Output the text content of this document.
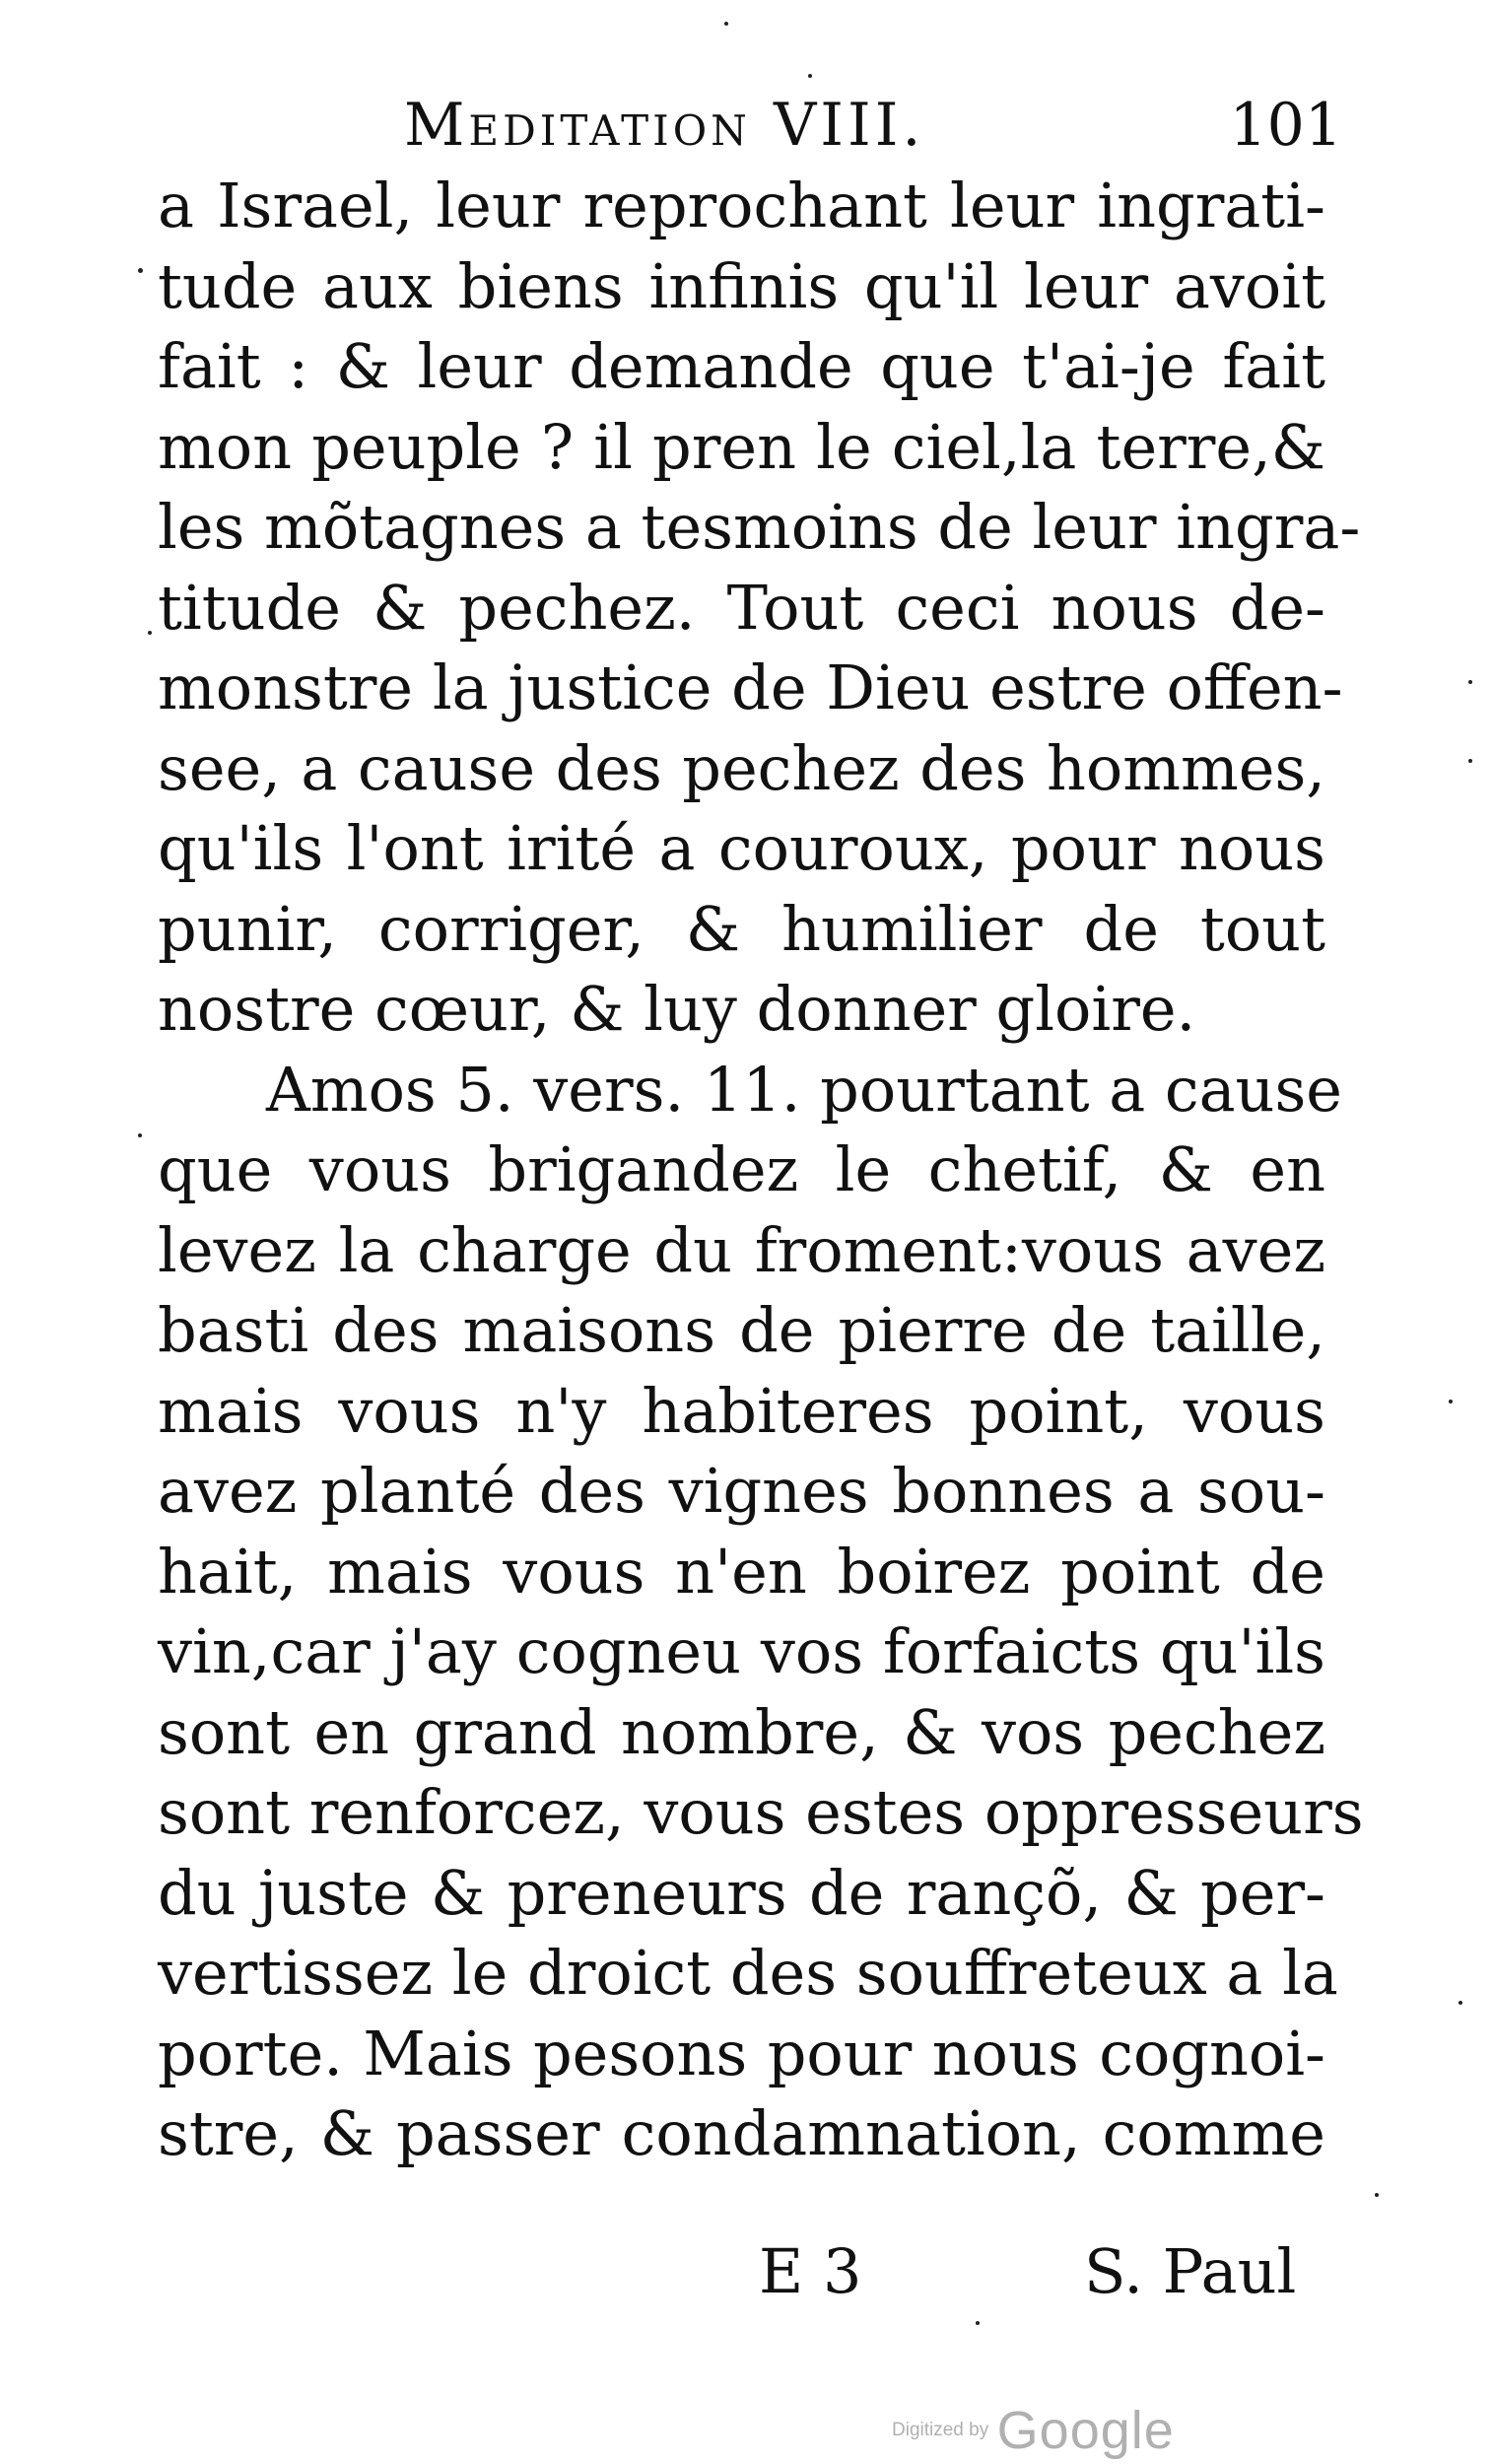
Meditation VIII.	101
a Israel, leur reprochant leur ingrati-
tude aux biens infinis qu'il leur avoit
fait : & leur demande que t'ai-je fait
mon peuple ? il pren le ciel,la terre,&
les mõtagnes a tesmoins de leur ingra-
titude & pechez. Tout ceci nous de-
monstre la justice de Dieu estre offen-
see, a cause des pechez des hommes,
qu'ils l'ont irité a couroux, pour nous
punir, corriger, & humilier de tout
nostre cœur, & luy donner gloire.
Amos 5. vers. 11. pourtant a cause
que vous brigandez le chetif, & en
levez la charge du froment:vous avez
basti des maisons de pierre de taille,
mais vous n'y habiteres point, vous
avez planté des vignes bonnes a sou-
hait, mais vous n'en boirez point de
vin,car j'ay cogneu vos forfaicts qu'ils
sont en grand nombre, & vos pechez
sont renforcez, vous estes oppresseurs
du juste & preneurs de rançõ, & per-
vertissez le droict des souffreteux a la
porte. Mais pesons pour nous cognoi-
stre, & passer condamnation, comme
E 3	S. Paul
Digitized by Google
